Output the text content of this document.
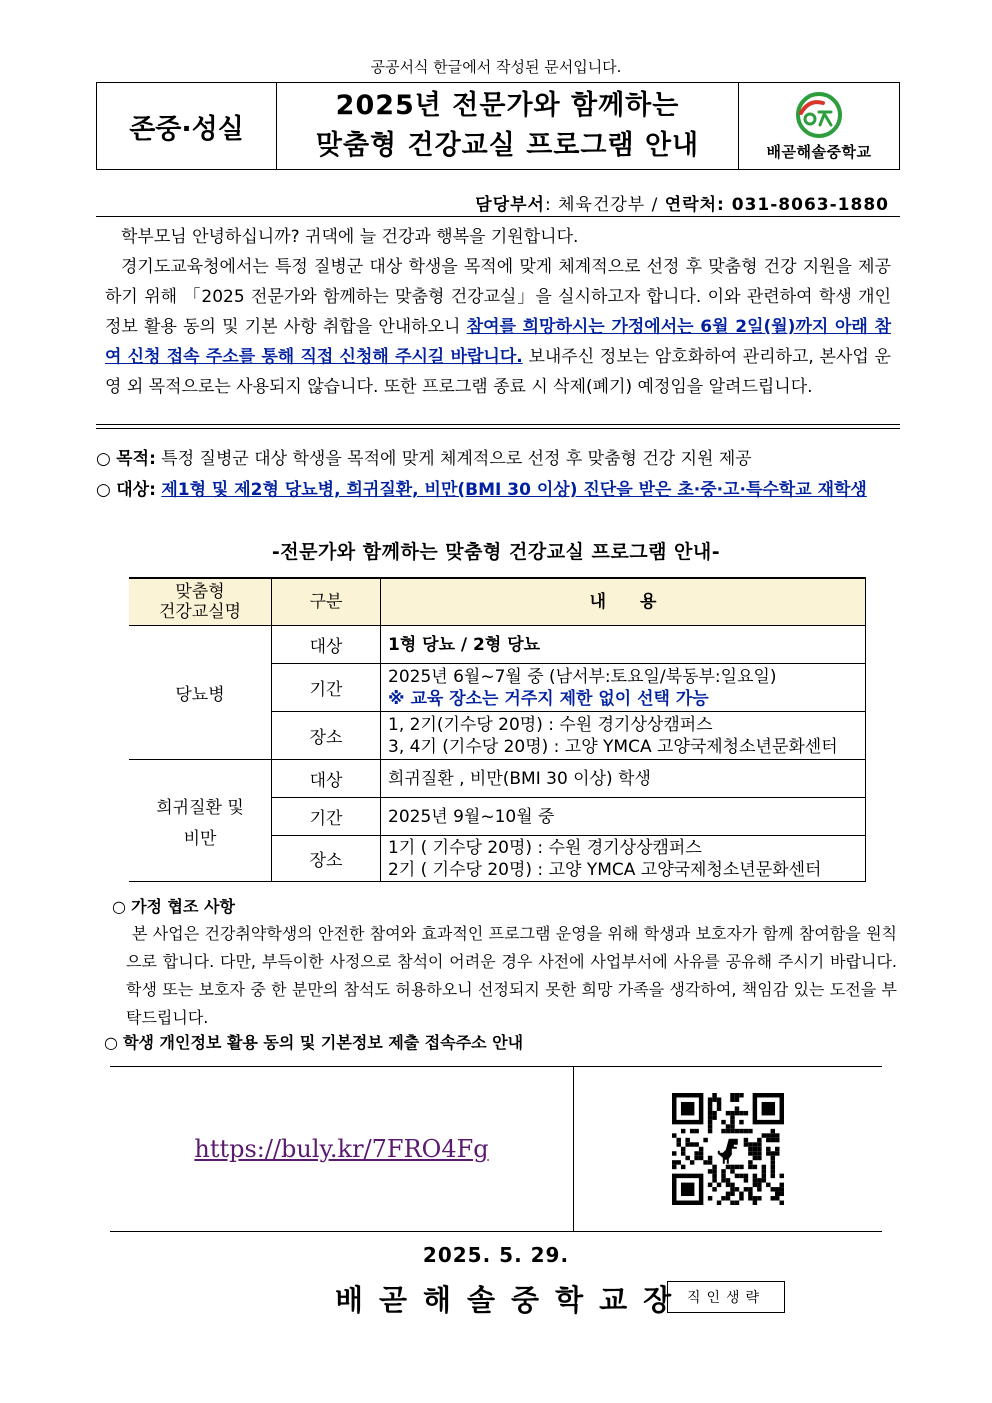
공공서식 한글에서 작성된 문서입니다.
존중·성실
2025년 전문가와 함께하는
맞춤형 건강교실 프로그램 안내	배곧해솔중학교
담당부서: 체육건강부 / 연락처: 031-8063-1880
학부모님 안녕하십니까? 귀댁에 늘 건강과 행복을 기원합니다.
경기도교육청에서는 특정 질병군 대상 학생을 목적에 맞게 체계적으로 선정 후 맞춤형 건강 지원을 제공하기 위해 「2025 전문가와 함께하는 맞춤형 건강교실」을 실시하고자 합니다. 이와 관련하여 학생 개인정보 활용 동의 및 기본 사항 취합을 안내하오니 참여를 희망하시는 가정에서는 6월 2일(월)까지 아래 참여 신청 접속 주소를 통해 직접 신청해 주시길 바랍니다. 보내주신 정보는 암호화하여 관리하고, 본사업 운영 외 목적으로는 사용되지 않습니다. 또한 프로그램 종료 시 삭제(폐기) 예정임을 알려드립니다.
○ 목적: 특정 질병군 대상 학생을 목적에 맞게 체계적으로 선정 후 맞춤형 건강 지원 제공
○ 대상: 제1형 및 제2형 당뇨병, 희귀질환, 비만(BMI 30 이상) 진단을 받은 초·중·고·특수학교 재학생
-전문가와 함께하는 맞춤형 건강교실 프로그램 안내-
맞춤형
건강교실명	구분	내　　용
당뇨병	대상	1형 당뇨 / 2형 당뇨
	기간	2025년 6월~7월 중 (남서부:토요일/북동부:일요일)
※ 교육 장소는 거주지 제한 없이 선택 가능

	장소	1, 2기(기수당 20명) : 수원 경기상상캠퍼스
3, 4기 (기수당 20명) : 고양 YMCA 고양국제청소년문화센터

희귀질환 및
비만	대상	희귀질환 , 비만(BMI 30 이상) 학생
	기간	2025년 9월~10월 중
	장소	1기 ( 기수당 20명) : 수원 경기상상캠퍼스
2기 ( 기수당 20명) : 고양 YMCA 고양국제청소년문화센터
○ 가정 협조 사항
본 사업은 건강취약학생의 안전한 참여와 효과적인 프로그램 운영을 위해 학생과 보호자가 함께 참여함을 원칙으로 합니다. 다만, 부득이한 사정으로 참석이 어려운 경우 사전에 사업부서에 사유를 공유해 주시기 바랍니다. 학생 또는 보호자 중 한 분만의 참석도 허용하오니 선정되지 못한 희망 가족을 생각하여, 책임감 있는 도전을 부탁드립니다.
○ 학생 개인정보 활용 동의 및 기본정보 제출 접속주소 안내
https://buly.kr/7FRO4Fg
2025. 5. 29.
배곧해솔중학교장 직인생략
